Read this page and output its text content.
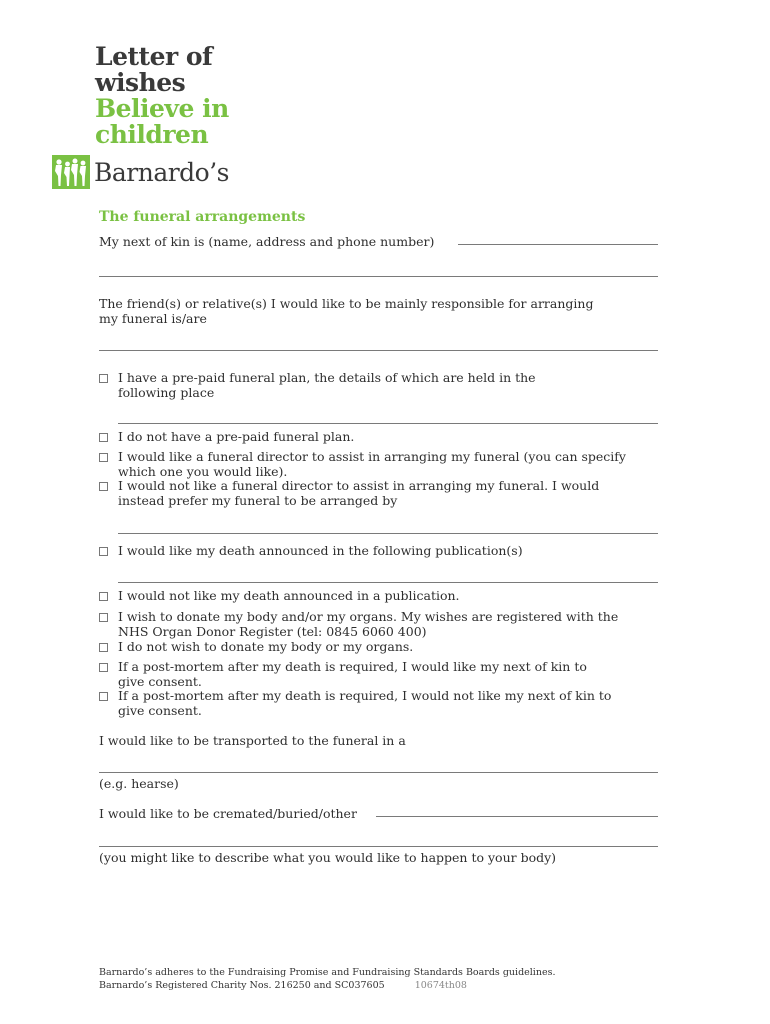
Letter of
wishes
Believe in
children
Barnardo’s
The funeral arrangements
My next of kin is (name, address and phone number)
The friend(s) or relative(s) I would like to be mainly responsible for arranging
my funeral is/are
I have a pre-paid funeral plan, the details of which are held in the
following place
I do not have a pre-paid funeral plan.
I would like a funeral director to assist in arranging my funeral (you can specify
which one you would like).
I would not like a funeral director to assist in arranging my funeral. I would
instead prefer my funeral to be arranged by
I would like my death announced in the following publication(s)
I would not like my death announced in a publication.
I wish to donate my body and/or my organs. My wishes are registered with the
NHS Organ Donor Register (tel: 0845 6060 400)
I do not wish to donate my body or my organs.
If a post-mortem after my death is required, I would like my next of kin to
give consent.
If a post-mortem after my death is required, I would not like my next of kin to
give consent.
I would like to be transported to the funeral in a
(e.g. hearse)
I would like to be cremated/buried/other
(you might like to describe what you would like to happen to your body)
Barnardo’s adheres to the Fundraising Promise and Fundraising Standards Boards guidelines.
Barnardo’s Registered Charity Nos. 216250 and SC037605	10674th08
